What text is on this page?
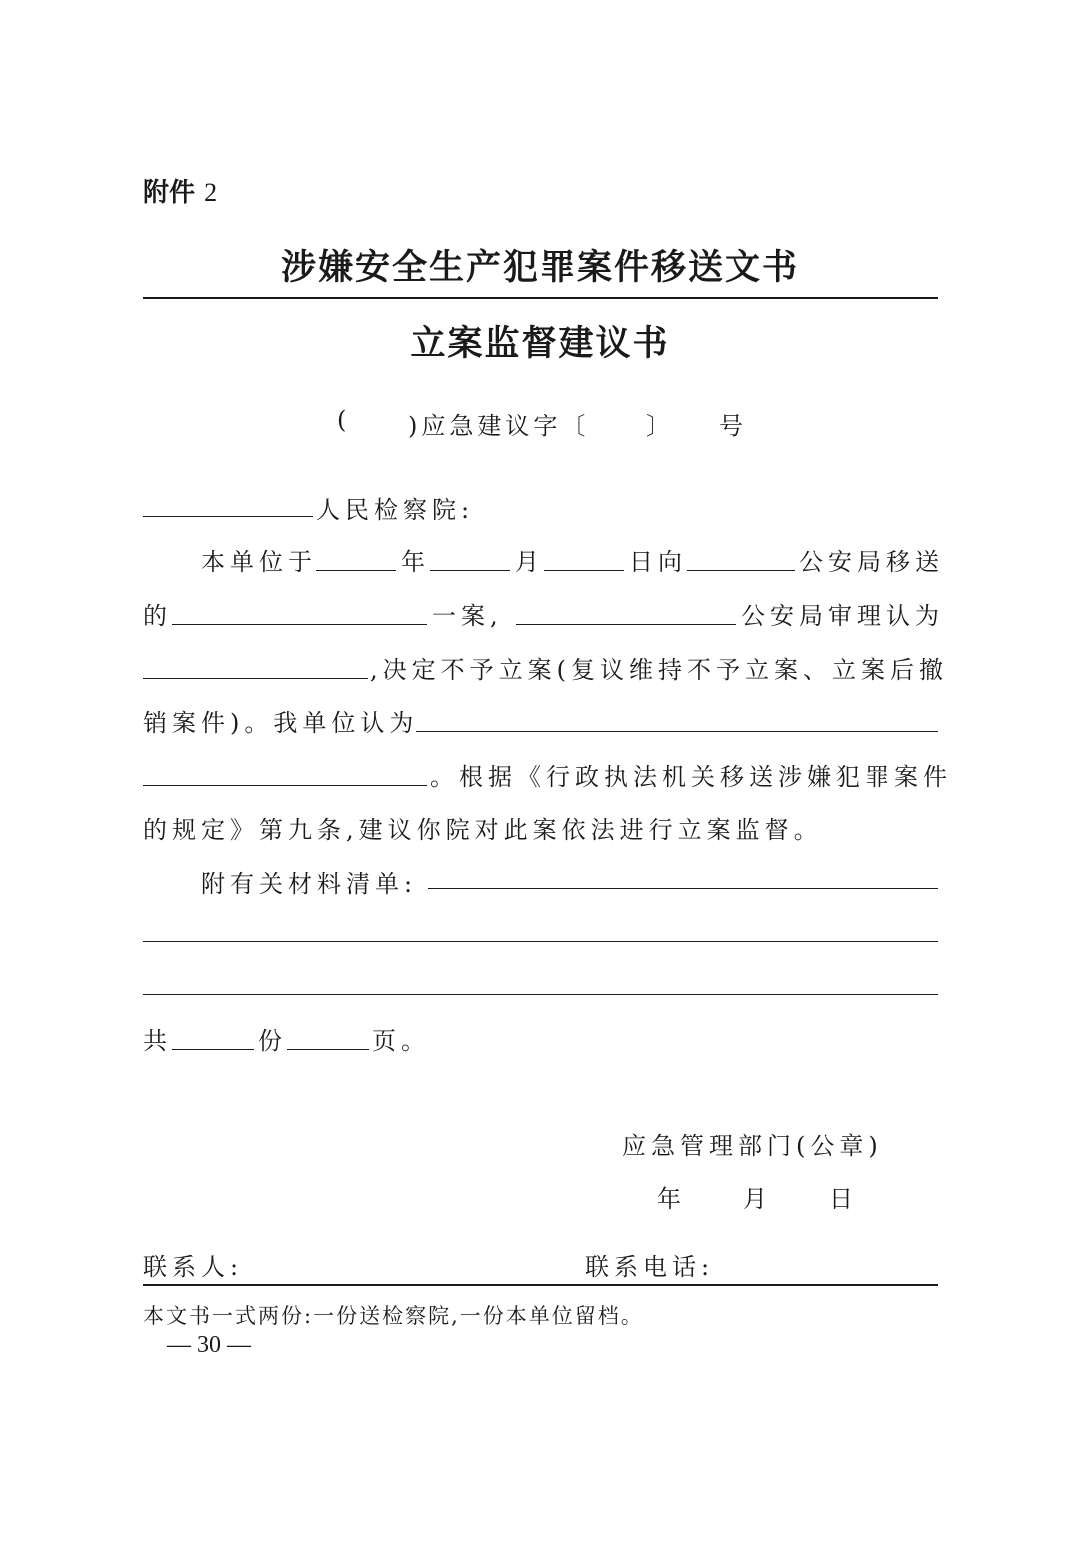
附件 2
涉嫌安全生产犯罪案件移送文书
立案监督建议书
( )应急建议字〔 〕 号
人民检察院:
本单位于	年	月	日向	公安局移送
的	一案,	公安局审理认为
,决定不予立案(复议维持不予立案、立案后撤
销案件)。我单位认为
。根据《行政执法机关移送涉嫌犯罪案件
的规定》第九条,建议你院对此案依法进行立案监督。
附有关材料清单:
共	份	页。
应急管理部门(公章)
年 月 日
联系人:	联系电话:
本文书一式两份:一份送检察院,一份本单位留档。
— 30 —
